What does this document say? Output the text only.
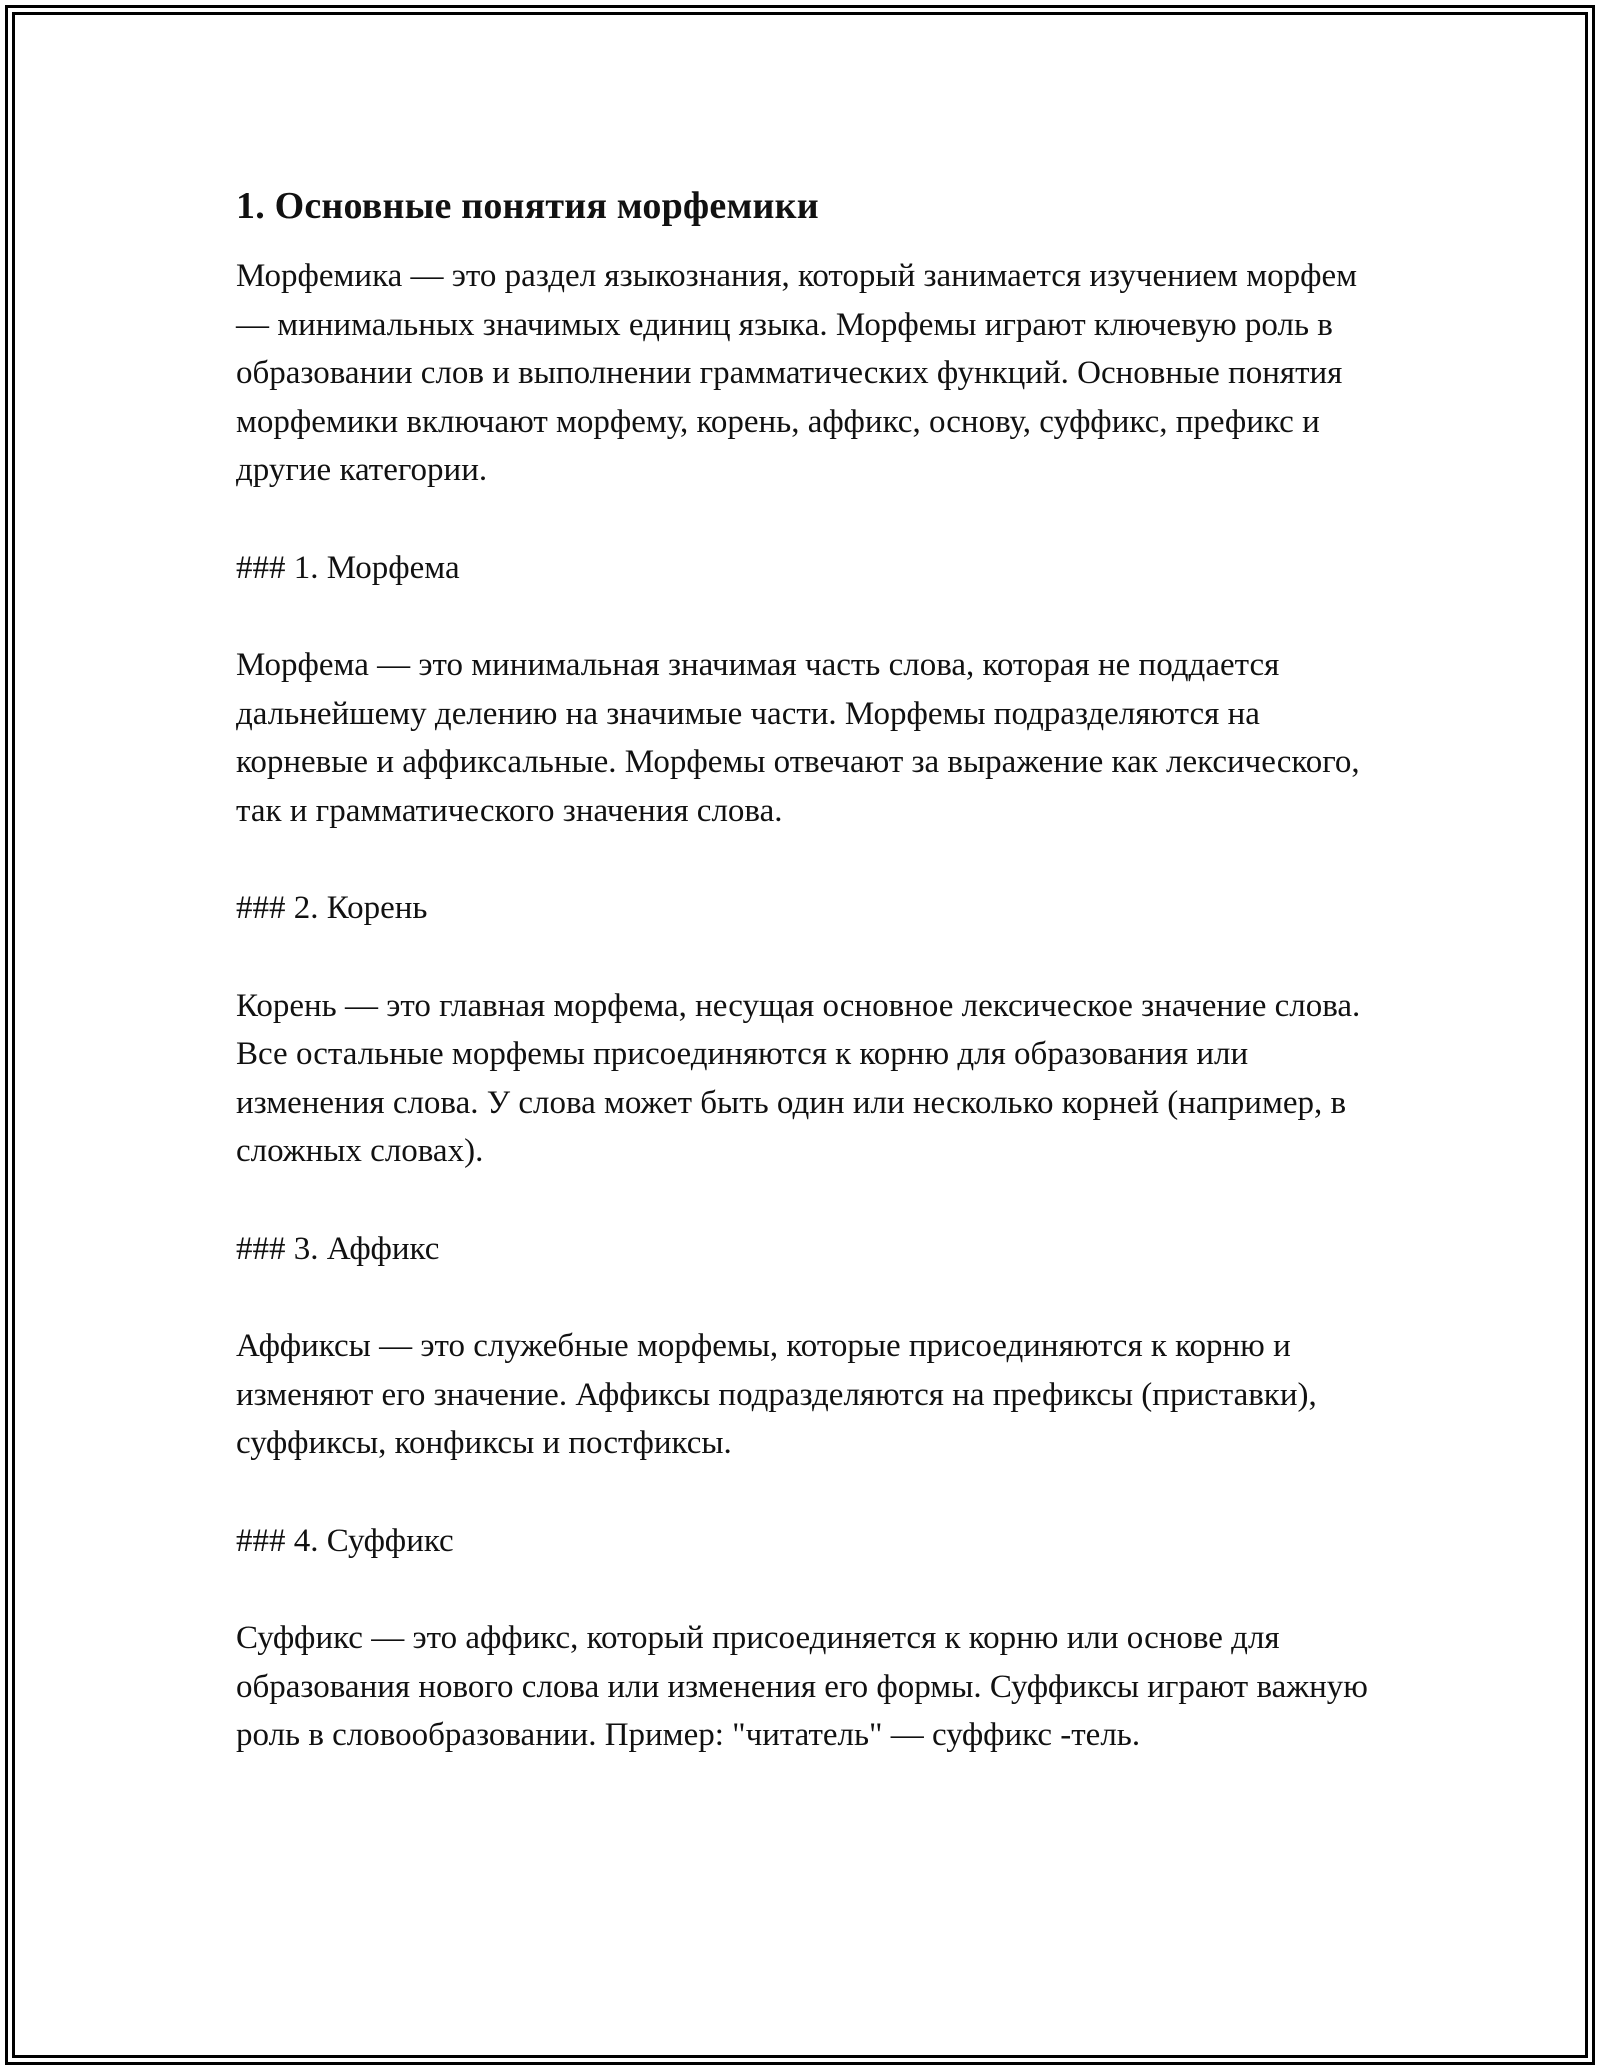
1. Основные понятия морфемики

Морфемика — это раздел языкознания, который занимается изучением морфем — минимальных значимых единиц языка. Морфемы играют ключевую роль в образовании слов и выполнении грамматических функций. Основные понятия морфемики включают морфему, корень, аффикс, основу, суффикс, префикс и другие категории.

### 1. Морфема

Морфема — это минимальная значимая часть слова, которая не поддается дальнейшему делению на значимые части. Морфемы подразделяются на корневые и аффиксальные. Морфемы отвечают за выражение как лексического, так и грамматического значения слова.

### 2. Корень

Корень — это главная морфема, несущая основное лексическое значение слова. Все остальные морфемы присоединяются к корню для образования или изменения слова. У слова может быть один или несколько корней (например, в сложных словах).

### 3. Аффикс

Аффиксы — это служебные морфемы, которые присоединяются к корню и изменяют его значение. Аффиксы подразделяются на префиксы (приставки), суффиксы, конфиксы и постфиксы.

### 4. Суффикс

Суффикс — это аффикс, который присоединяется к корню или основе для образования нового слова или изменения его формы. Суффиксы играют важную роль в словообразовании. Пример: "читатель" — суффикс -тель.
